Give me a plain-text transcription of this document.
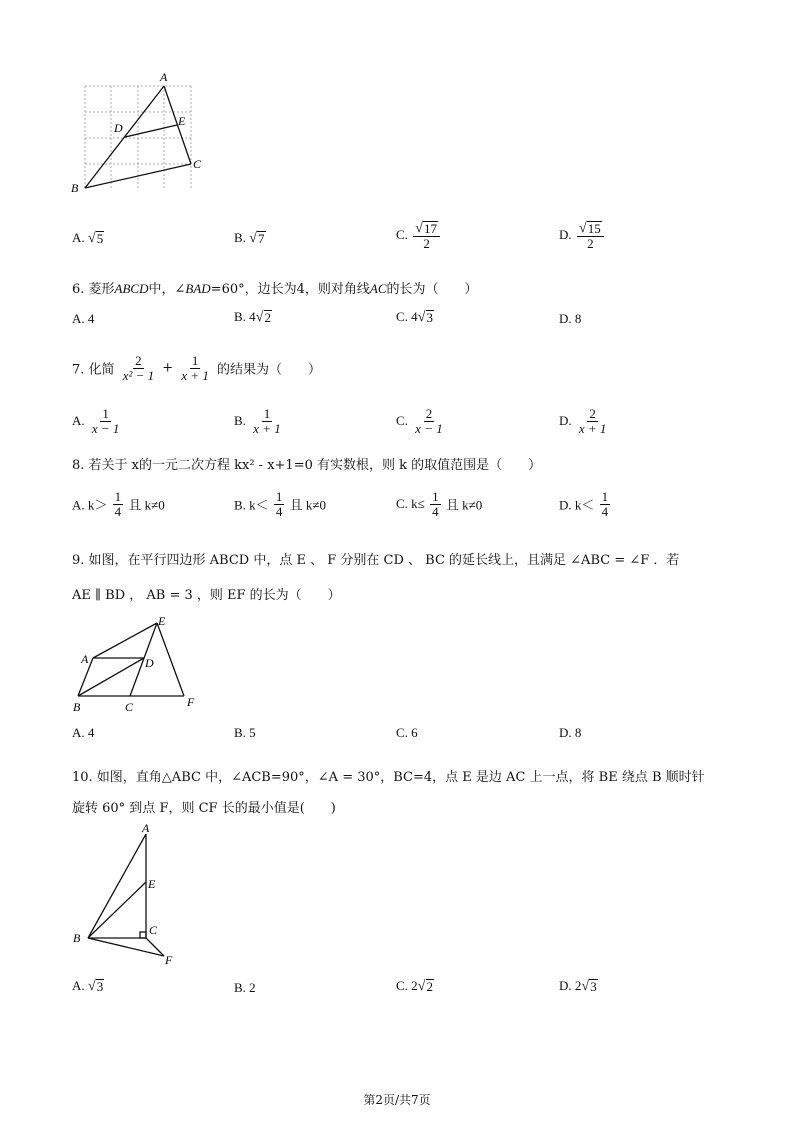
A
D	E
B
C
A. √ 5	B. √ 7	C. $\frac{√ 17}{2}$	D. $\frac{√ 15}{2}$
6. 菱形ABCD中，∠BAD=60°，边长为4，则对角线AC的长为（　　）
A. 4	B. 4 √ 2	C. 4 √ 3	D. 8
7. 化简 $\frac{2}{\text{x² − 1}} + \frac{1}{x + 1}$ 的结果为（　　）
A. $\frac{1}{x - 1}$	B. $\frac{1}{x + 1}$	C. $\frac{2}{x - 1}$	D. $\frac{2}{x + 1}$
8. 若关于 x的一元二次方程 kx² - x+1=0 有实数根，则 k 的取值范围是（　　）
A. $k> \frac{1}{4}$ 且 k≠0	B. $k< \frac{1}{4}$ 且 k≠0	C. $k\le \frac{1}{4}$ 且 k≠0	D. $k< \frac{1}{4}$
9. 如图，在平行四边形 ABCD 中，点 E 、 F 分别在 CD 、 BC 的延长线上，且满足 ∠ABC = ∠F ．若
AE ∥ BD ， AB = 3 ，则 EF 的长为（　　）
E
A	D
B	C	F
A. 4	B. 5	C. 6	D. 8
10. 如图，直角△ABC 中，∠ACB=90°，∠A = 30°，BC=4，点 E 是边 AC 上一点，将 BE 绕点 B 顺时针
旋转 60° 到点 F，则 CF 长的最小值是(　　)
A
E
B
C
F
A. √ 3	B. 2	C. 2 √ 2	D. 2 √ 3
第2页/共7页
